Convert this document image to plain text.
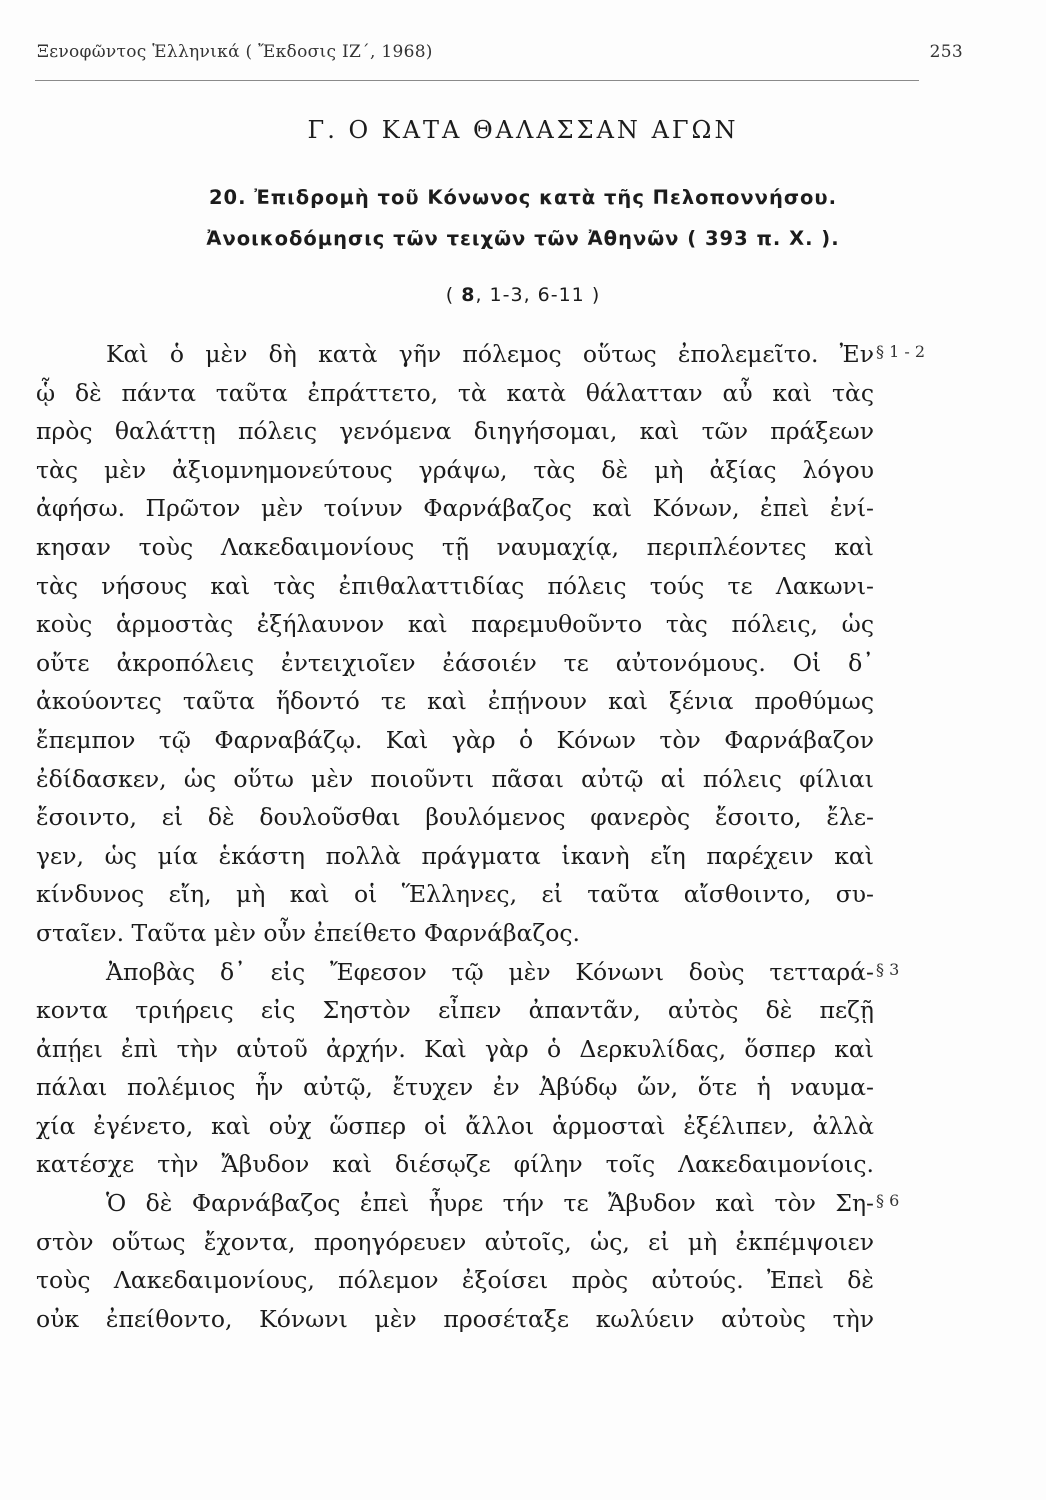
Ξενοφῶντος Ἑλληνικά ( Ἔκδοσις ΙΖ΄, 1968)	253
Γ. Ο ΚΑΤΑ ΘΑΛΑΣΣΑΝ ΑΓΩΝ
20. Ἐπιδρομὴ τοῦ Κόνωνος κατὰ τῆς Πελοποννήσου.
Ἀνοικοδόμησις τῶν τειχῶν τῶν Ἀθηνῶν ( 393 π. Χ. ).
( 8, 1-3, 6-11 )
Καὶ ὁ μὲν δὴ κατὰ γῆν πόλεμος οὕτως ἐπολεμεῖτο. Ἐν
ᾧ δὲ πάντα ταῦτα ἐπράττετο, τὰ κατὰ θάλατταν αὖ καὶ τὰς
πρὸς θαλάττῃ πόλεις γενόμενα διηγήσομαι, καὶ τῶν πράξεων
τὰς μὲν ἀξιομνημονεύτους γράψω, τὰς δὲ μὴ ἀξίας λόγου
ἀφήσω. Πρῶτον μὲν τοίνυν Φαρνάβαζος καὶ Κόνων, ἐπεὶ ἐνί-
κησαν τοὺς Λακεδαιμονίους τῇ ναυμαχίᾳ, περιπλέοντες καὶ
τὰς νήσους καὶ τὰς ἐπιθαλαττιδίας πόλεις τούς τε Λακωνι-
κοὺς ἁρμοστὰς ἐξήλαυνον καὶ παρεμυθοῦντο τὰς πόλεις, ὡς
οὔτε ἀκροπόλεις ἐντειχιοῖεν ἐάσοιέν τε αὐτονόμους. Οἱ δ᾽
ἀκούοντες ταῦτα ἥδοντό τε καὶ ἐπῄνουν καὶ ξένια προθύμως
ἔπεμπον τῷ Φαρναβάζῳ. Καὶ γὰρ ὁ Κόνων τὸν Φαρνάβαζον
ἐδίδασκεν, ὡς οὕτω μὲν ποιοῦντι πᾶσαι αὐτῷ αἱ πόλεις φίλιαι
ἔσοιντο, εἰ δὲ δουλοῦσθαι βουλόμενος φανερὸς ἔσοιτο, ἔλε-
γεν, ὡς μία ἑκάστη πολλὰ πράγματα ἱκανὴ εἴη παρέχειν καὶ
κίνδυνος εἴη, μὴ καὶ οἱ Ἕλληνες, εἰ ταῦτα αἴσθοιντο, συ-
σταῖεν. Ταῦτα μὲν οὖν ἐπείθετο Φαρνάβαζος.
Ἀποβὰς δ᾽ εἰς Ἔφεσον τῷ μὲν Κόνωνι δοὺς τετταρά-
κοντα τριήρεις εἰς Σηστὸν εἶπεν ἀπαντᾶν, αὐτὸς δὲ πεζῇ
ἀπῄει ἐπὶ τὴν αὑτοῦ ἀρχήν. Καὶ γὰρ ὁ Δερκυλίδας, ὅσπερ καὶ
πάλαι πολέμιος ἦν αὐτῷ, ἔτυχεν ἐν Ἀβύδῳ ὤν, ὅτε ἡ ναυμα-
χία ἐγένετο, καὶ οὐχ ὥσπερ οἱ ἄλλοι ἁρμοσταὶ ἐξέλιπεν, ἀλλὰ
κατέσχε τὴν Ἄβυδον καὶ διέσῳζε φίλην τοῖς Λακεδαιμονίοις.
Ὁ δὲ Φαρνάβαζος ἐπεὶ ἦυρε τήν τε Ἄβυδον καὶ τὸν Ση-
στὸν οὕτως ἔχοντα, προηγόρευεν αὐτοῖς, ὡς, εἰ μὴ ἐκπέμψοιεν
τοὺς Λακεδαιμονίους, πόλεμον ἐξοίσει πρὸς αὐτούς. Ἐπεὶ δὲ
οὐκ ἐπείθοντο, Κόνωνι μὲν προσέταξε κωλύειν αὐτοὺς τὴν
§ 1 - 2
§ 3
§ 6
